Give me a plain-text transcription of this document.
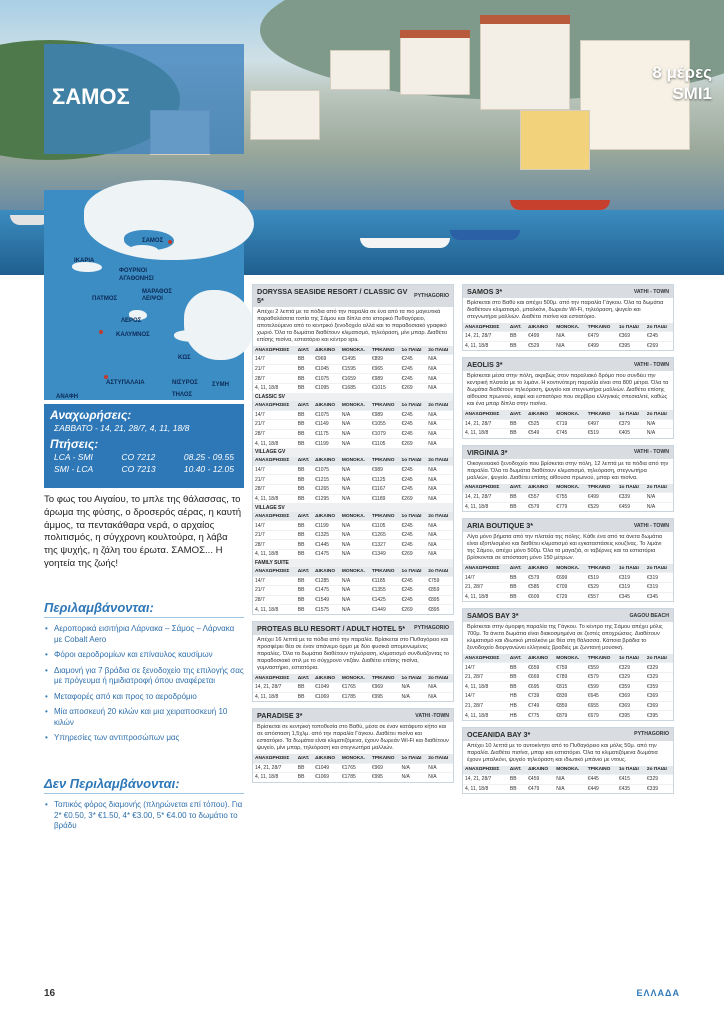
ΣΑΜΟΣ
8 μέρες
SMI1
ΣΑΜΟΣ
ΙΚΑΡΙΑ
ΦΟΥΡΝΟΙ
ΑΓΑΘΟΝΗΣΙ
ΜΑΡΑΘΟΣ
ΛΕΙΨΟΙ
ΠΑΤΜΟΣ
ΛΕΡΟΣ
ΚΑΛΥΜΝΟΣ
ΚΩΣ
ΝΙΣΥΡΟΣ ΣΥΜΗ
ΤΗΛΟΣ
ΑΣΤΥΠΑΛΑΙΑ
ΑΝΑΦΗ
Αναχωρήσεις:
ΣΑΒΒΑΤΟ - 14, 21, 28/7, 4, 11, 18/8
Πτήσεις:
LCA - SMI	CO 7212	08.25 - 09.55
SMI - LCA	CO 7213	10.40 - 12.05

Το φως του Αιγαίου, το μπλε της θάλασσας, το άρωμα της φύσης, ο δροσερός αέρας, η καυτή άμμος, τα πεντακάθαρα νερά, ο αρχαίος πολιτισμός, η σύγχρονη κουλτούρα, η λάβα της ψυχής, η ζάλη του έρωτα. ΣΑΜΟΣ... Η γοητεία της ζωής!

Περιλαμβάνονται:
• Αεροπορικά εισιτήρια Λάρνακα – Σάμος – Λάρνακα με Cobalt Aero
• Φόροι αεροδρομίων και επίναυλος καυσίμων
• Διαμονή για 7 βράδια σε ξενοδοχείο της επιλογής σας με πρόγευμα ή ημιδιατροφή όπου αναφέρεται
• Μεταφορές από και προς το αεροδρόμιο
• Μία αποσκευή 20 κιλών και μια χειραποσκευή 10 κιλών
• Υπηρεσίες των αντιπροσώπων μας
Δεν Περιλαμβάνονται:
• Τοπικός φόρος διαμονής (πληρώνεται επί τόπου). Για 2* €0.50, 3* €1.50, 4* €3.00, 5* €4.00 το δωμάτιο το βράδυ
DORYSSA SEASIDE RESORT / CLASSIC GV 5*	PYTHAGORIO
Απέχει 2 λεπτά με τα πόδια από την παραλία σε ένα από τα πιο μαγευτικά παραθαλάσσια τοπία της Σάμου και δίπλα στο ιστορικό Πυθαγόρειο, αποτελούμενο από το κεντρικό ξενοδοχείο αλλά και το παραδοσιακό γραφικό χωριό. Όλα τα δωμάτια διαθέτουν κλιματισμό, τηλεόραση, μίνι μπαρ. Διαθέτει επίσης πισίνα, εστιατόριο και κέντρο spa.
ΑΝΑΧΩΡΗΣΕΙΣ	ΔΙΑΤ.	ΔΙΚΛΙΝΟ	ΜΟΝΟΚΛ.	ΤΡΙΚΛΙΝΟ	1ο ΠΑΙΔΙ	2ο ΠΑΙΔΙ
14/7	BB	€969	€1495	€899	€245	N/A
21/7	BB	€1045	€1595	€965	€245	N/A
28/7	BB	€1075	€1659	€989	€245	N/A
4, 11, 18/8	BB	€1095	€1685	€1015	€269	N/A
CLASSIC SV
ΑΝΑΧΩΡΗΣΕΙΣ	ΔΙΑΤ.	ΔΙΚΛΙΝΟ	ΜΟΝΟΚΛ.	ΤΡΙΚΛΙΝΟ	1ο ΠΑΙΔΙ	2ο ΠΑΙΔΙ
14/7	BB	€1075	N/A	€989	€245	N/A
21/7	BB	€1149	N/A	€1055	€245	N/A
28/7	BB	€1175	N/A	€1079	€245	N/A
4, 11, 18/8	BB	€1199	N/A	€1105	€269	N/A
VILLAGE GV
ΑΝΑΧΩΡΗΣΕΙΣ	ΔΙΑΤ.	ΔΙΚΛΙΝΟ	ΜΟΝΟΚΛ.	ΤΡΙΚΛΙΝΟ	1ο ΠΑΙΔΙ	2ο ΠΑΙΔΙ
14/7	BB	€1075	N/A	€989	€245	N/A
21/7	BB	€1215	N/A	€1125	€245	N/A
28/7	BB	€1265	N/A	€1167	€245	N/A
4, 11, 18/8	BB	€1295	N/A	€1189	€269	N/A
VILLAGE SV
ΑΝΑΧΩΡΗΣΕΙΣ	ΔΙΑΤ.	ΔΙΚΛΙΝΟ	ΜΟΝΟΚΛ.	ΤΡΙΚΛΙΝΟ	1ο ΠΑΙΔΙ	2ο ΠΑΙΔΙ
14/7	BB	€1199	N/A	€1105	€245	N/A
21/7	BB	€1325	N/A	€1265	€245	N/A
28/7	BB	€1445	N/A	€1327	€245	N/A
4, 11, 18/8	BB	€1475	N/A	€1349	€269	N/A
FAMILY SUITE
ΑΝΑΧΩΡΗΣΕΙΣ	ΔΙΑΤ.	ΔΙΚΛΙΝΟ	ΜΟΝΟΚΛ.	ΤΡΙΚΛΙΝΟ	1ο ΠΑΙΔΙ	2ο ΠΑΙΔΙ
14/7	BB	€1285	N/A	€1185	€245	€759
21/7	BB	€1475	N/A	€1355	€245	€859
28/7	BB	€1549	N/A	€1425	€245	€895
4, 11, 18/8	BB	€1575	N/A	€1449	€269	€895
PROTEAS BLU RESORT / ADULT HOTEL 5* PYTHAGORIO
Απέχει 16 λεπτά με τα πόδια από την παραλία. Βρίσκεται στο Πυθαγόρειο και προσφέρει θέα σε έναν απάνεμο όρμο με δύο φυσικά απομονωμένες παραλίες. Όλα τα δωμάτια διαθέτουν τηλεόραση, κλιματισμό συνδυάζοντας το παραδοσιακό στιλ με το σύγχρονο ντιζάιν. Διαθέτει επίσης πισίνα, γυμναστήριο, εστιατόρια.
ΑΝΑΧΩΡΗΣΕΙΣ	ΔΙΑΤ.	ΔΙΚΛΙΝΟ	ΜΟΝΟΚΛ.	ΤΡΙΚΛΙΝΟ	1ο ΠΑΙΔΙ	2ο ΠΑΙΔΙ
14, 21, 28/7	BB	€1049	€1765	€969	N/A	N/A
4, 11, 18/8	BB	€1069	€1785	€995	N/A	N/A
PARADISE 3*	VATHI -TOWN
Βρίσκεται σε κεντρική τοποθεσία στο Βαθύ, μέσα σε έναν κατάφυτο κήπο και σε απόσταση 1,5χλμ. από την παραλία Γάγκου. Διαθέτει πισίνα και εστιατόριο. Τα δωμάτια είναι κλιματιζόμενα, έχουν δωρεάν Wi-Fi και διαθέτουν ψυγείο, μίνι μπαρ, τηλεόραση και στεγνωτήρα μαλλιών.
ΑΝΑΧΩΡΗΣΕΙΣ	ΔΙΑΤ.	ΔΙΚΛΙΝΟ	ΜΟΝΟΚΛ.	ΤΡΙΚΛΙΝΟ	1ο ΠΑΙΔΙ	2ο ΠΑΙΔΙ
14, 21, 28/7	BB	€1049	€1765	€969	N/A	N/A
4, 11, 18/8	BB	€1069	€1785	€995	N/A	N/A
SAMOS 3*	VATHI - TOWN
Βρίσκεται στο Βαθύ και απέχει 500μ. από την παραλία Γάγκου. Όλα τα δωμάτια διαθέτουν κλιματισμό, μπαλκόνι, δωρεάν Wi-Fi, τηλεόραση, ψυγείο και στεγνωτήρα μαλλιών. Διαθέτει πισίνα και εστιατόριο.
ΑΝΑΧΩΡΗΣΕΙΣ	ΔΙΑΤ.	ΔΙΚΛΙΝΟ	ΜΟΝΟΚΛ.	ΤΡΙΚΛΙΝΟ	1ο ΠΑΙΔΙ	2ο ΠΑΙΔΙ
14, 21, 28/7	BB	€499	N/A	€479	€369	€245
4, 11, 18/8	BB	€529	N/A	€499	€395	€269
AEOLIS 3*	VATHI - TOWN
Βρίσκεται μέσα στην πόλη, ακριβώς στον παραλιακό δρόμο που συνδέει την κεντρική πλατεία με το λιμάνι. Η κοντινότερη παραλία είναι στα 800 μέτρα. Όλα τα δωμάτια διαθέτουν τηλεόραση, ψυγείο και στεγνωτήρα μαλλιών. Διαθέτει επίσης αίθουσα πρωινού, καφέ και εστιατόριο που σερβίρει ελληνικές σπεσιαλιτέ, καθώς και ένα μπαρ δίπλα στην πισίνα.
ΑΝΑΧΩΡΗΣΕΙΣ	ΔΙΑΤ.	ΔΙΚΛΙΝΟ	ΜΟΝΟΚΛ.	ΤΡΙΚΛΙΝΟ	1ο ΠΑΙΔΙ	2ο ΠΑΙΔΙ
14, 21, 28/7	BB	€525	€719	€497	€379	N/A
4, 11, 18/8	BB	€549	€745	€519	€405	N/A
VIRGINIA 3*	VATHI - TOWN
Οικογενειακό ξενοδοχείο που βρίσκεται στην πόλη, 12 λεπτά με τα πόδια από την παραλία. Όλα τα δωμάτια διαθέτουν κλιματισμό, τηλεόραση, στεγνωτήρα μαλλιών, ψυγείο. Διαθέτει επίσης αίθουσα πρωινού, μπαρ και πισίνα.
ΑΝΑΧΩΡΗΣΕΙΣ	ΔΙΑΤ.	ΔΙΚΛΙΝΟ	ΜΟΝΟΚΛ.	ΤΡΙΚΛΙΝΟ	1ο ΠΑΙΔΙ	2ο ΠΑΙΔΙ
14, 21, 28/7	BB	€557	€755	€499	€339	N/A
4, 11, 18/8	BB	€579	€779	€529	€459	N/A
ARIA BOUTIQUE 3*	VATHI - TOWN
Λίγα μόνο βήματα από την πλατεία της πόλης. Κάθε ένα από τα άνετα δωμάτια είναι εξοπλισμένο και διαθέτει κλιματισμό και εγκαταστάσεις κουζίνας. Το λιμάνι της Σάμου, απέχει μόνο 500μ. Όλα τα μαγαζιά, οι ταβέρνες και τα εστιατόρια βρίσκονται σε απόσταση μόνο 150 μέτρων.
ΑΝΑΧΩΡΗΣΕΙΣ	ΔΙΑΤ.	ΔΙΚΛΙΝΟ	ΜΟΝΟΚΛ.	ΤΡΙΚΛΙΝΟ	1ο ΠΑΙΔΙ	2ο ΠΑΙΔΙ
14/7	BB	€579	€699	€519	€319	€319
21, 28/7	BB	€585	€709	€529	€319	€319
4, 11, 18/8	BB	€609	€729	€557	€345	€345
SAMOS BAY 3*	GAGOU BEACH
Βρίσκεται στην όμορφη παραλία της Γάγκου. Το κέντρο της Σάμου απέχει μόλις 700μ. Τα άνετα δωμάτια είναι διακοσμημένα σε ζεστές αποχρώσεις. Διαθέτουν κλιματισμό και ιδιωτικό μπαλκόνι με θέα στη θάλασσα. Κάποια βράδια το ξενοδοχείο διοργανώνει ελληνικές βραδιές με ζωντανή μουσική.
ΑΝΑΧΩΡΗΣΕΙΣ	ΔΙΑΤ.	ΔΙΚΛΙΝΟ	ΜΟΝΟΚΛ.	ΤΡΙΚΛΙΝΟ	1ο ΠΑΙΔΙ	2ο ΠΑΙΔΙ
14/7	BB	€659	€759	€559	€329	€329
21, 28/7	BB	€669	€789	€579	€329	€329
4, 11, 18/8	BB	€695	€815	€599	€359	€359
14/7	HB	€739	€839	€645	€369	€369
21, 28/7	HB	€749	€859	€655	€369	€369
4, 11, 18/8	HB	€775	€879	€679	€395	€395
OCEANIDA BAY 3*	PYTHAGORIO
Απέχει 10 λεπτά με το αυτοκίνητο από το Πυθαγόρειο και μόλις 50μ. από την παραλία. Διαθέτει πισίνα, μπαρ και εστιατόριο. Όλα τα κλιματιζόμενα δωμάτια έχουν μπαλκόνι, ψυγείο τηλεόραση και ιδιωτικό μπάνιο με ντους.
ΑΝΑΧΩΡΗΣΕΙΣ	ΔΙΑΤ.	ΔΙΚΛΙΝΟ	ΜΟΝΟΚΛ.	ΤΡΙΚΛΙΝΟ	1ο ΠΑΙΔΙ	2ο ΠΑΙΔΙ
14, 21, 28/7	BB	€459	N/A	€445	€415	€329
4, 11, 18/8	BB	€479	N/A	€449	€435	€339
16	ΕΛΛΑΔΑ
